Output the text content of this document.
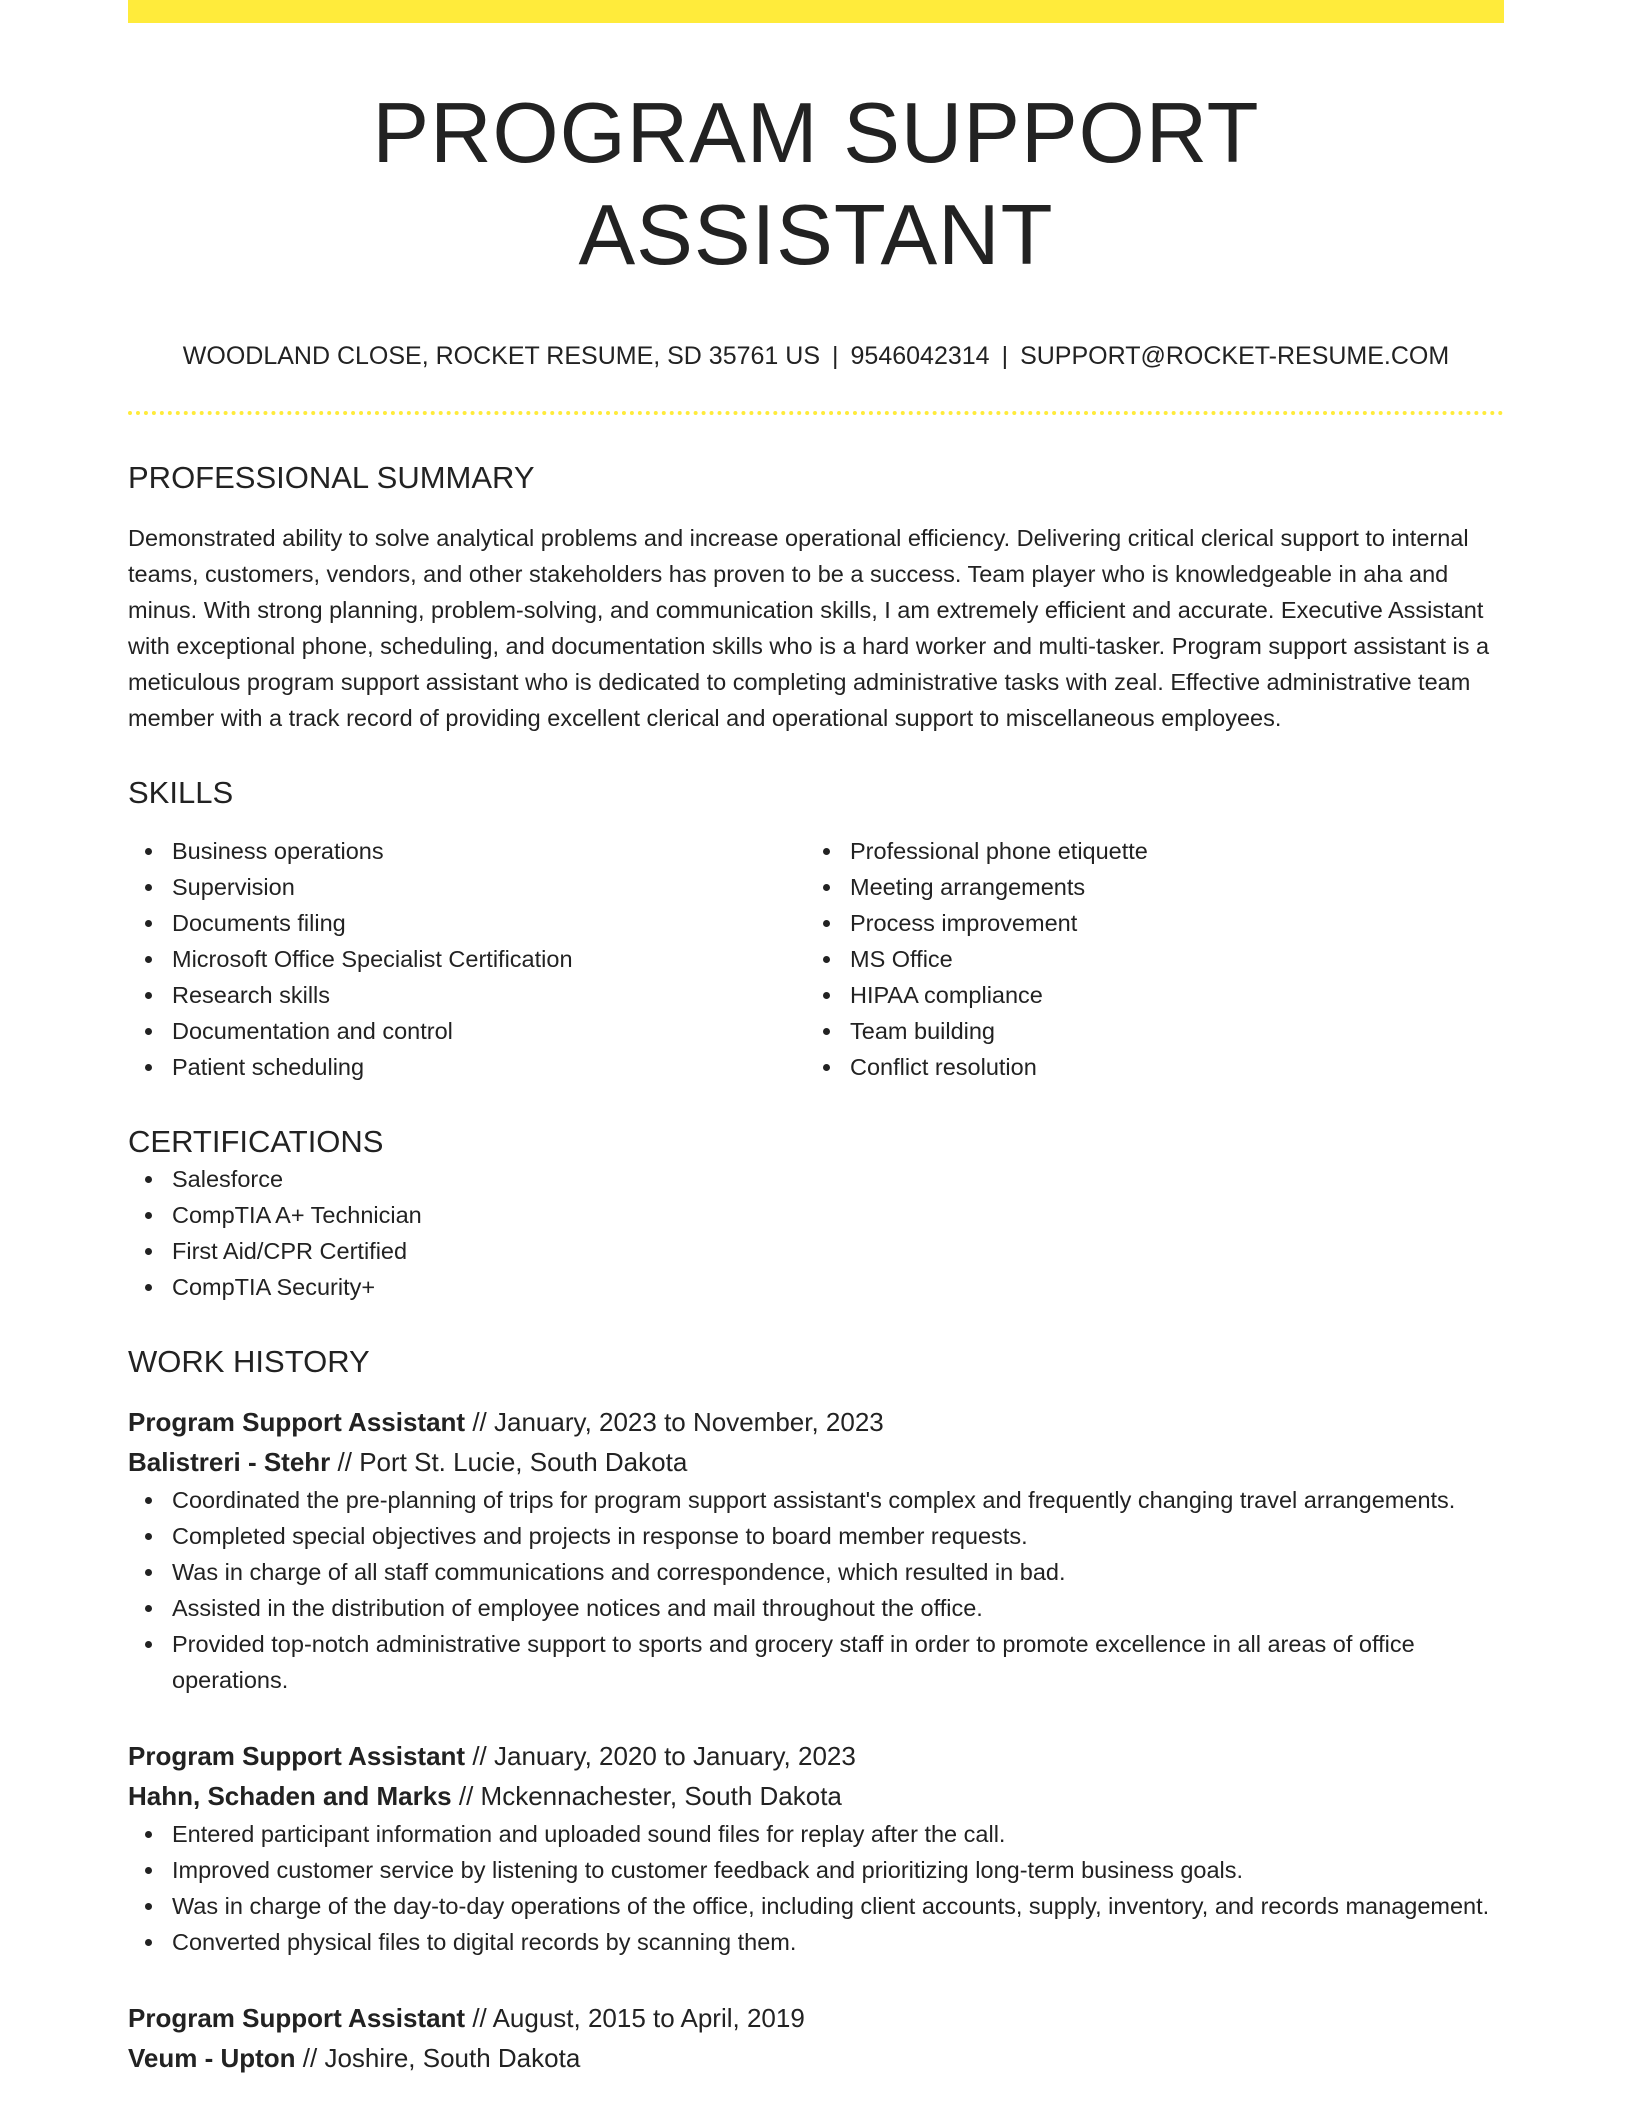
PROGRAM SUPPORT ASSISTANT
WOODLAND CLOSE, ROCKET RESUME, SD 35761 US | 9546042314 | SUPPORT@ROCKET-RESUME.COM
PROFESSIONAL SUMMARY

Demonstrated ability to solve analytical problems and increase operational efficiency. Delivering critical clerical support to internal teams, customers, vendors, and other stakeholders has proven to be a success. Team player who is knowledgeable in aha and minus. With strong planning, problem-solving, and communication skills, I am extremely efficient and accurate. Executive Assistant with exceptional phone, scheduling, and documentation skills who is a hard worker and multi-tasker. Program support assistant is a meticulous program support assistant who is dedicated to completing administrative tasks with zeal. Effective administrative team member with a track record of providing excellent clerical and operational support to miscellaneous employees.

SKILLS
Business operations
Supervision
Documents filing
Microsoft Office Specialist Certification
Research skills
Documentation and control
Patient scheduling
Professional phone etiquette
Meeting arrangements
Process improvement
MS Office
HIPAA compliance
Team building
Conflict resolution
CERTIFICATIONS
Salesforce
CompTIA A+ Technician
First Aid/CPR Certified
CompTIA Security+
WORK HISTORY
Program Support Assistant // January, 2023 to November, 2023
Balistreri - Stehr // Port St. Lucie, South Dakota
Coordinated the pre-planning of trips for program support assistant's complex and frequently changing travel arrangements.
Completed special objectives and projects in response to board member requests.
Was in charge of all staff communications and correspondence, which resulted in bad.
Assisted in the distribution of employee notices and mail throughout the office.
Provided top-notch administrative support to sports and grocery staff in order to promote excellence in all areas of office operations.
Program Support Assistant // January, 2020 to January, 2023
Hahn, Schaden and Marks // Mckennachester, South Dakota
Entered participant information and uploaded sound files for replay after the call.
Improved customer service by listening to customer feedback and prioritizing long-term business goals.
Was in charge of the day-to-day operations of the office, including client accounts, supply, inventory, and records management.
Converted physical files to digital records by scanning them.
Program Support Assistant // August, 2015 to April, 2019
Veum - Upton // Joshire, South Dakota
